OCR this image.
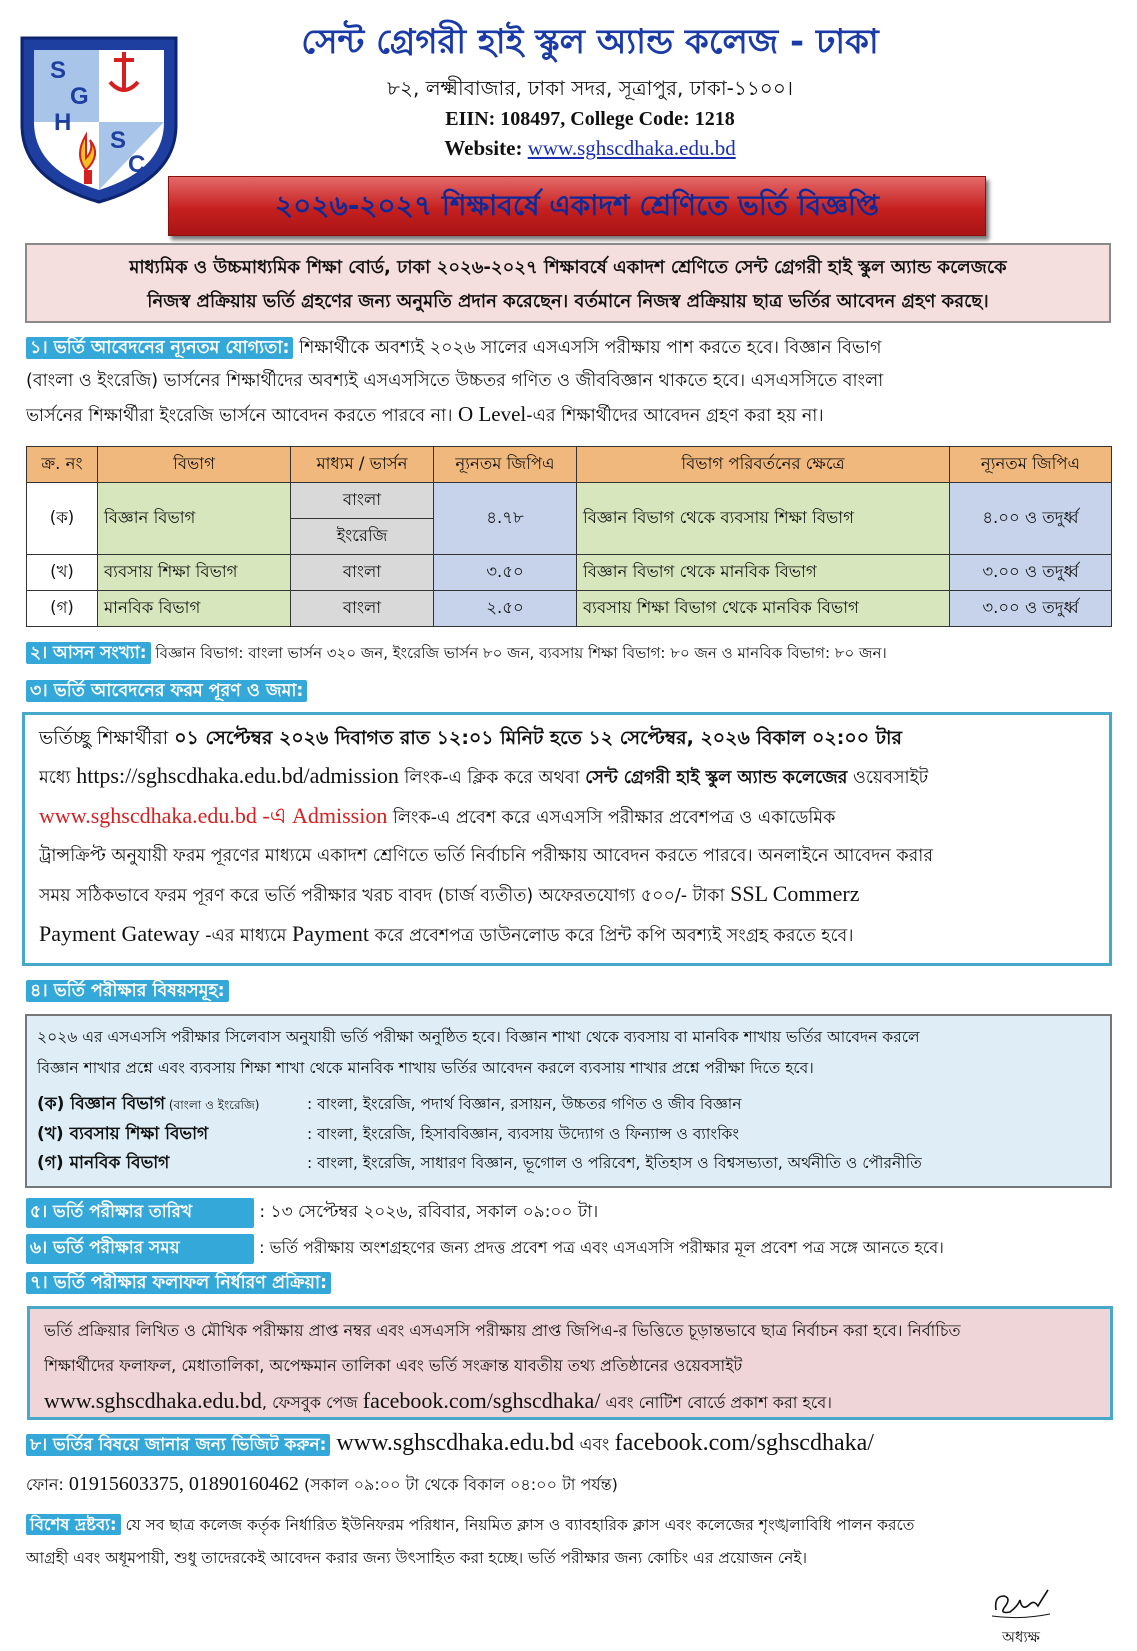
S
G
H
S
C
সেন্ট গ্রেগরী হাই স্কুল অ্যান্ড কলেজ - ঢাকা
৮২, লক্ষ্মীবাজার, ঢাকা সদর, সূত্রাপুর, ঢাকা-১১০০।
EIIN: 108497, College Code: 1218
Website: www.sghscdhaka.edu.bd
২০২৬-২০২৭ শিক্ষাবর্ষে একাদশ শ্রেণিতে ভর্তি বিজ্ঞপ্তি
মাধ্যমিক ও উচ্চমাধ্যমিক শিক্ষা বোর্ড, ঢাকা ২০২৬-২০২৭ শিক্ষাবর্ষে একাদশ শ্রেণিতে সেন্ট গ্রেগরী হাই স্কুল অ্যান্ড কলেজকে
নিজস্ব প্রক্রিয়ায় ভর্তি গ্রহণের জন্য অনুমতি প্রদান করেছেন। বর্তমানে নিজস্ব প্রক্রিয়ায় ছাত্র ভর্তির আবেদন গ্রহণ করছে।
১। ভর্তি আবেদনের ন্যূনতম যোগ্যতা: শিক্ষার্থীকে অবশ্যই ২০২৬ সালের এসএসসি পরীক্ষায় পাশ করতে হবে। বিজ্ঞান বিভাগ
(বাংলা ও ইংরেজি) ভার্সনের শিক্ষার্থীদের অবশ্যই এসএসসিতে উচ্চতর গণিত ও জীববিজ্ঞান থাকতে হবে। এসএসসিতে বাংলা
ভার্সনের শিক্ষার্থীরা ইংরেজি ভার্সনে আবেদন করতে পারবে না। O Level-এর শিক্ষার্থীদের আবেদন গ্রহণ করা হয় না।
ক্র. নং	বিভাগ	মাধ্যম / ভার্সন	ন্যূনতম জিপিএ	বিভাগ পরিবর্তনের ক্ষেত্রে	ন্যূনতম জিপিএ
(ক)	বিজ্ঞান বিভাগ	বাংলা	৪.৭৮	বিজ্ঞান বিভাগ থেকে ব্যবসায় শিক্ষা বিভাগ	৪.০০ ও তদুর্ধ্ব
		ইংরেজি			
(খ)	ব্যবসায় শিক্ষা বিভাগ	বাংলা	৩.৫০	বিজ্ঞান বিভাগ থেকে মানবিক বিভাগ	৩.০০ ও তদুর্ধ্ব
(গ)	মানবিক বিভাগ	বাংলা	২.৫০	ব্যবসায় শিক্ষা বিভাগ থেকে মানবিক বিভাগ	৩.০০ ও তদুর্ধ্ব
২। আসন সংখ্যা: বিজ্ঞান বিভাগ: বাংলা ভার্সন ৩২০ জন, ইংরেজি ভার্সন ৮০ জন, ব্যবসায় শিক্ষা বিভাগ: ৮০ জন ও মানবিক বিভাগ: ৮০ জন।
৩। ভর্তি আবেদনের ফরম পূরণ ও জমা:
ভর্তিচ্ছু শিক্ষার্থীরা ০১ সেপ্টেম্বর ২০২৬ দিবাগত রাত ১২:০১ মিনিট হতে ১২ সেপ্টেম্বর, ২০২৬ বিকাল ০২:০০ টার
মধ্যে https://sghscdhaka.edu.bd/admission লিংক-এ ক্লিক করে অথবা সেন্ট গ্রেগরী হাই স্কুল অ্যান্ড কলেজের ওয়েবসাইট
www.sghscdhaka.edu.bd -এ Admission লিংক-এ প্রবেশ করে এসএসসি পরীক্ষার প্রবেশপত্র ও একাডেমিক
ট্রান্সক্রিপ্ট অনুযায়ী ফরম পূরণের মাধ্যমে একাদশ শ্রেণিতে ভর্তি নির্বাচনি পরীক্ষায় আবেদন করতে পারবে। অনলাইনে আবেদন করার
সময় সঠিকভাবে ফরম পূরণ করে ভর্তি পরীক্ষার খরচ বাবদ (চার্জ ব্যতীত) অফেরতযোগ্য ৫০০/- টাকা SSL Commerz
Payment Gateway -এর মাধ্যমে Payment করে প্রবেশপত্র ডাউনলোড করে প্রিন্ট কপি অবশ্যই সংগ্রহ করতে হবে।
৪। ভর্তি পরীক্ষার বিষয়সমূহ:
২০২৬ এর এসএসসি পরীক্ষার সিলেবাস অনুযায়ী ভর্তি পরীক্ষা অনুষ্ঠিত হবে। বিজ্ঞান শাখা থেকে ব্যবসায় বা মানবিক শাখায় ভর্তির আবেদন করলে
বিজ্ঞান শাখার প্রশ্নে এবং ব্যবসায় শিক্ষা শাখা থেকে মানবিক শাখায় ভর্তির আবেদন করলে ব্যবসায় শাখার প্রশ্নে পরীক্ষা দিতে হবে।
(ক) বিজ্ঞান বিভাগ (বাংলা ও ইংরেজি)	: বাংলা, ইংরেজি, পদার্থ বিজ্ঞান, রসায়ন, উচ্চতর গণিত ও জীব বিজ্ঞান
(খ) ব্যবসায় শিক্ষা বিভাগ	: বাংলা, ইংরেজি, হিসাববিজ্ঞান, ব্যবসায় উদ্যোগ ও ফিন্যান্স ও ব্যাংকিং
(গ) মানবিক বিভাগ	: বাংলা, ইংরেজি, সাধারণ বিজ্ঞান, ভূগোল ও পরিবেশ, ইতিহাস ও বিশ্বসভ্যতা, অর্থনীতি ও পৌরনীতি
৫। ভর্তি পরীক্ষার তারিখ	: ১৩ সেপ্টেম্বর ২০২৬, রবিবার, সকাল ০৯:০০ টা।
৬। ভর্তি পরীক্ষার সময়	: ভর্তি পরীক্ষায় অংশগ্রহণের জন্য প্রদত্ত প্রবেশ পত্র এবং এসএসসি পরীক্ষার মূল প্রবেশ পত্র সঙ্গে আনতে হবে।
৭। ভর্তি পরীক্ষার ফলাফল নির্ধারণ প্রক্রিয়া:
ভর্তি প্রক্রিয়ার লিখিত ও মৌখিক পরীক্ষায় প্রাপ্ত নম্বর এবং এসএসসি পরীক্ষায় প্রাপ্ত জিপিএ-র ভিত্তিতে চূড়ান্তভাবে ছাত্র নির্বাচন করা হবে। নির্বাচিত
শিক্ষার্থীদের ফলাফল, মেধাতালিকা, অপেক্ষমান তালিকা এবং ভর্তি সংক্রান্ত যাবতীয় তথ্য প্রতিষ্ঠানের ওয়েবসাইট
www.sghscdhaka.edu.bd, ফেসবুক পেজ facebook.com/sghscdhaka/ এবং নোটিশ বোর্ডে প্রকাশ করা হবে।
৮। ভর্তির বিষয়ে জানার জন্য ভিজিট করুন: www.sghscdhaka.edu.bd এবং facebook.com/sghscdhaka/
ফোন: 01915603375, 01890160462 (সকাল ০৯:০০ টা থেকে বিকাল ০৪:০০ টা পর্যন্ত)
বিশেষ দ্রষ্টব্য: যে সব ছাত্র কলেজ কর্তৃক নির্ধারিত ইউনিফরম পরিধান, নিয়মিত ক্লাস ও ব্যাবহারিক ক্লাস এবং কলেজের শৃংঙ্খলাবিধি পালন করতে
আগ্রহী এবং অধূমপায়ী, শুধু তাদেরকেই আবেদন করার জন্য উৎসাহিত করা হচ্ছে। ভর্তি পরীক্ষার জন্য কোচিং এর প্রয়োজন নেই।
অধ্যক্ষ
